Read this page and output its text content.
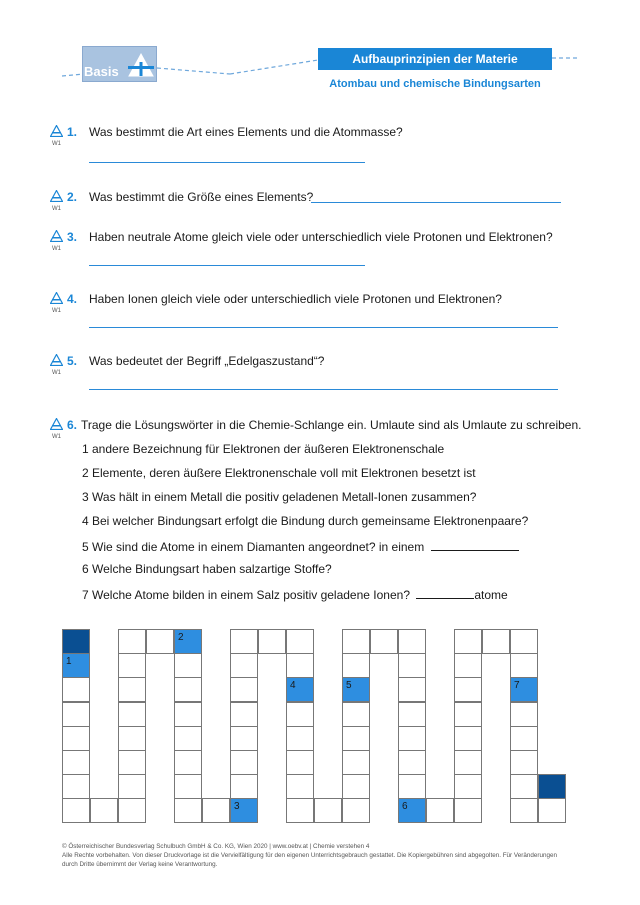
Basis
Aufbauprinzipien der Materie
Atombau und chemische Bindungsarten
W1
1. Was bestimmt die Art eines Elements und die Atommasse?
W1
2. Was bestimmt die Größe eines Elements?
W1
3. Haben neutrale Atome gleich viele oder unterschiedlich viele Protonen und Elektronen?
W1
4. Haben Ionen gleich viele oder unterschiedlich viele Protonen und Elektronen?
W1
5. Was bedeutet der Begriff „Edelgaszustand“?
W1
6. Trage die Lösungswörter in die Chemie-Schlange ein. Umlaute sind als Umlaute zu schreiben.
1 andere Bezeichnung für Elektronen der äußeren Elektronenschale
2 Elemente, deren äußere Elektronenschale voll mit Elektronen besetzt ist
3 Was hält in einem Metall die positiv geladenen Metall-Ionen zusammen?
4 Bei welcher Bindungsart erfolgt die Bindung durch gemeinsame Elektronenpaare?
5 Wie sind die Atome in einem Diamanten angeordnet? in einem
6 Welche Bindungsart haben salzartige Stoffe?
7 Welche Atome bilden in einem Salz positiv geladene Ionen?	atome
1
2
3
4	5
6
7
© Österreichischer Bundesverlag Schulbuch GmbH & Co. KG, Wien 2020 | www.oebv.at | Chemie verstehen 4
Alle Rechte vorbehalten. Von dieser Druckvorlage ist die Vervielfältigung für den eigenen Unterrichtsgebrauch gestattet. Die Kopiergebühren sind abgegolten. Für Veränderungen
durch Dritte übernimmt der Verlag keine Verantwortung.
